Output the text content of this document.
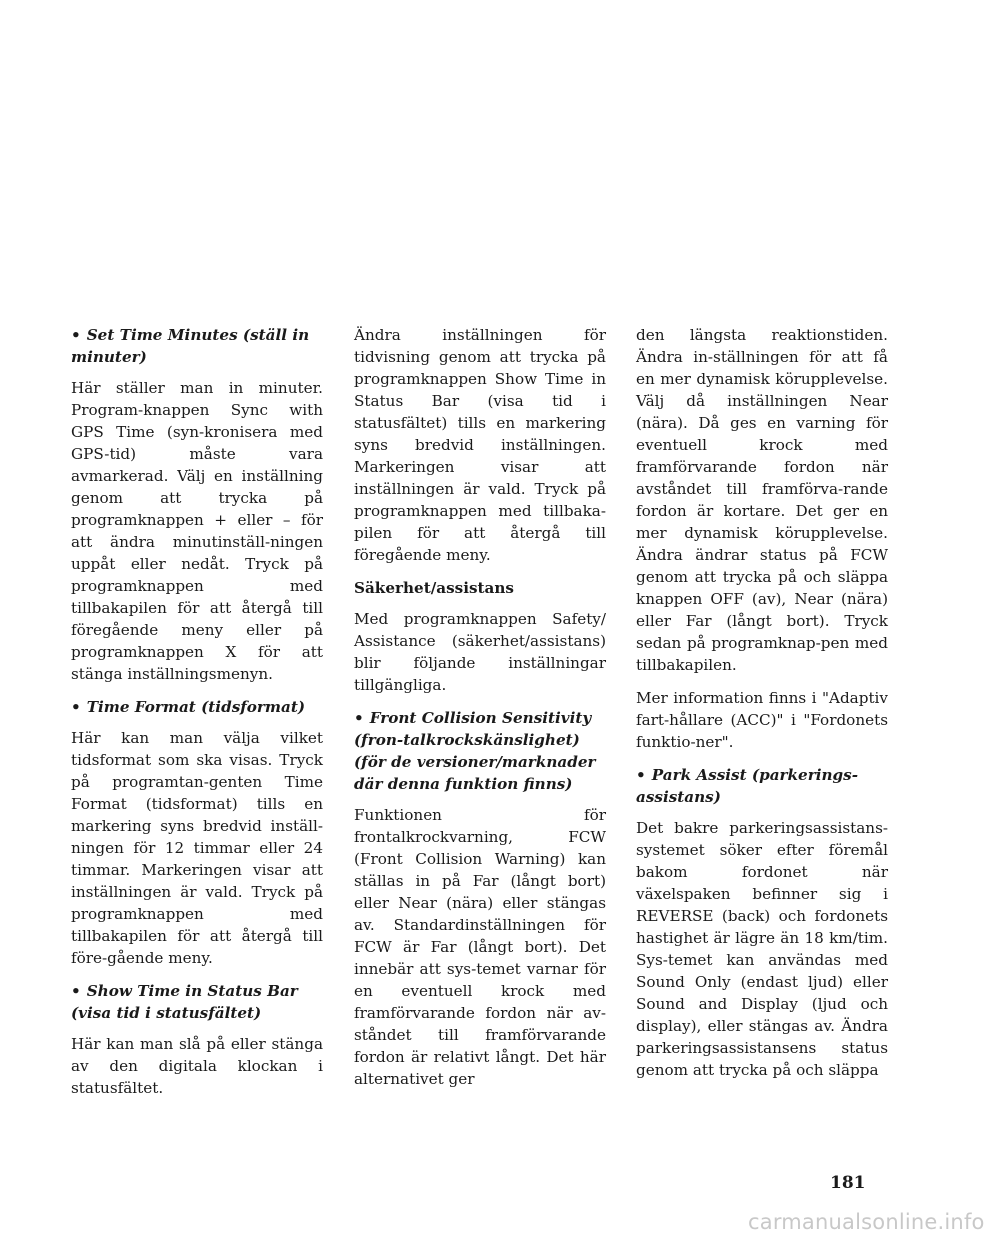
• Set Time Minutes (ställ in minuter)

Här ställer man in minuter. Program-knappen Sync with GPS Time (syn-kronisera med GPS-tid) måste vara avmarkerad. Välj en inställning genom att trycka på programknappen + eller – för att ändra minutinställ-ningen uppåt eller nedåt. Tryck på programknappen med tillbakapilen för att återgå till föregående meny eller på programknappen X för att stänga inställningsmenyn.

• Time Format (tidsformat)

Här kan man välja vilket tidsformat som ska visas. Tryck på programtan-genten Time Format (tidsformat) tills en markering syns bredvid inställ-ningen för 12 timmar eller 24 timmar. Markeringen visar att inställningen är vald. Tryck på programknappen med tillbakapilen för att återgå till före-gående meny.

• Show Time in Status Bar (visa tid i statusfältet)

Här kan man slå på eller stänga av den digitala klockan i statusfältet.

Ändra inställningen för tidvisning genom att trycka på programknappen Show Time in Status Bar (visa tid i statusfältet) tills en markering syns bredvid inställningen. Markeringen visar att inställningen är vald. Tryck på programknappen med tillbaka-pilen för att återgå till föregående meny.

Säkerhet/assistans

Med programknappen Safety/ Assistance (säkerhet/assistans) blir följande inställningar tillgängliga.

• Front Collision Sensitivity (fron-talkrockskänslighet) (för de versioner/marknader där denna funktion finns)

Funktionen för frontalkrockvarning, FCW (Front Collision Warning) kan ställas in på Far (långt bort) eller Near (nära) eller stängas av. Standardinställningen för FCW är Far (långt bort). Det innebär att sys-temet varnar för en eventuell krock med framförvarande fordon när av-ståndet till framförvarande fordon är relativt långt. Det här alternativet ger

den längsta reaktionstiden. Ändra in-ställningen för att få en mer dynamisk körupplevelse. Välj då inställningen Near (nära). Då ges en varning för eventuell krock med framförvarande fordon när avståndet till framförva-rande fordon är kortare. Det ger en mer dynamisk körupplevelse. Ändra ändrar status på FCW genom att trycka på och släppa knappen OFF (av), Near (nära) eller Far (långt bort). Tryck sedan på programknap-pen med tillbakapilen.

Mer information finns i "Adaptiv fart-hållare (ACC)" i "Fordonets funktio-ner".

• Park Assist (parkerings-assistans)

Det bakre parkeringsassistans-systemet söker efter föremål bakom fordonet när växelspaken befinner sig i REVERSE (back) och fordonets hastighet är lägre än 18 km/tim. Sys-temet kan användas med Sound Only (endast ljud) eller Sound and Display (ljud och display), eller stängas av. Ändra parkeringsassistansens status genom att trycka på och släppa

181
carmanualsonline.info
